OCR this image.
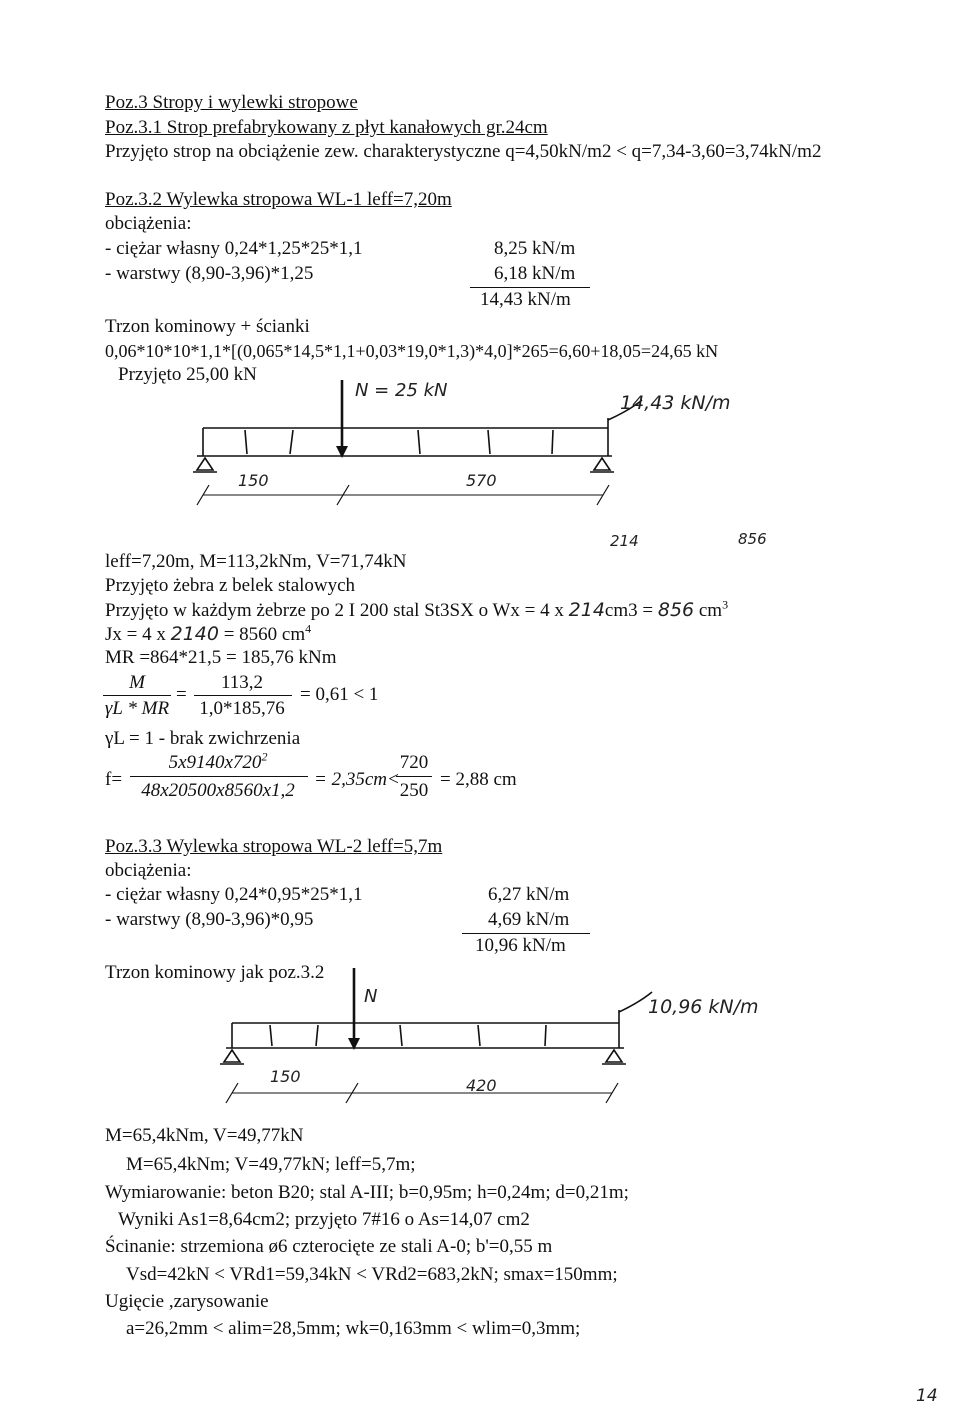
Poz.3 Stropy i wylewki stropowe
Poz.3.1 Strop prefabrykowany z płyt kanałowych gr.24cm
Przyjęto strop na obciążenie zew. charakterystyczne q=4,50kN/m2 < q=7,34-3,60=3,74kN/m2
Poz.3.2 Wylewka stropowa WL-1 leff=7,20m
obciążenia:
- ciężar własny 0,24*1,25*25*1,1	8,25 kN/m
- warstwy (8,90-3,96)*1,25	6,18 kN/m
14,43 kN/m
Trzon kominowy + ścianki
0,06*10*10*1,1*[(0,065*14,5*1,1+0,03*19,0*1,3)*4,0]*265=6,60+18,05=24,65 kN
Przyjęto 25,00 kN
N = 25 kN
14,43 kN/m
150	570
214	856
leff=7,20m, M=113,2kNm, V=71,74kN
Przyjęto żebra z belek stalowych
Przyjęto w każdym żebrze po 2 I 200 stal St3SX o Wx = 4 x 214cm3 = 856 $cm^3$
Jx = 4 x 2140 = 8560 $cm^4$
MR =864*21,5 = 185,76 kNm
M
γL * MR
=
113,2
1,0*185,76
= 0,61 < 1
γL = 1 - brak zwichrzenia
f=
$5x9140x720^2$
48x20500x8560x1,2
= 2,35cm<
720
250
= 2,88 cm
Poz.3.3 Wylewka stropowa WL-2 leff=5,7m
obciążenia:
- ciężar własny 0,24*0,95*25*1,1	6,27 kN/m
- warstwy (8,90-3,96)*0,95	4,69 kN/m
10,96 kN/m
Trzon kominowy jak poz.3.2
N	10,96 kN/m
150	420
M=65,4kNm, V=49,77kN
M=65,4kNm; V=49,77kN; leff=5,7m;
Wymiarowanie: beton B20; stal A-III; b=0,95m; h=0,24m; d=0,21m;
Wyniki As1=8,64cm2; przyjęto 7#16 o As=14,07 cm2
Ścinanie: strzemiona ø6 czterocięte ze stali A-0; b'=0,55 m
Vsd=42kN < VRd1=59,34kN < VRd2=683,2kN; smax=150mm;
Ugięcie ,zarysowanie
a=26,2mm < alim=28,5mm; wk=0,163mm < wlim=0,3mm;
14
